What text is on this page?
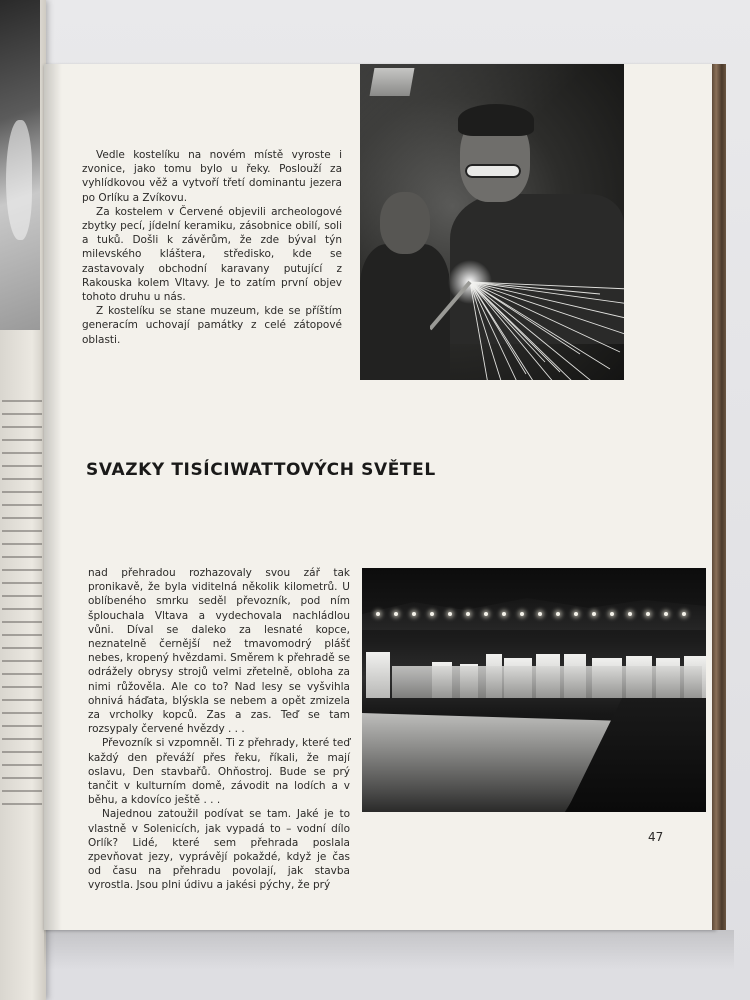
Vedle kostelíku na novém místě vyroste i zvonice, jako tomu bylo u řeky. Poslouží za vyhlídkovou věž a vytvoří třetí dominantu jezera po Orlíku a Zvíkovu.

Za kostelem v Červené objevili archeologové zbytky pecí, jídelní keramiku, zásobnice obilí, soli a tuků. Došli k závěrům, že zde býval týn milevského kláštera, středisko, kde se zastavovaly obchodní karavany putující z Rakouska kolem Vltavy. Je to zatím první objev tohoto druhu u nás.

Z kostelíku se stane muzeum, kde se příštím generacím uchovají památky z celé zátopové oblasti.

SVAZKY TISÍCIWATTOVÝCH SVĚTEL

nad přehradou rozhazovaly svou zář tak pronikavě, že byla viditelná několik kilometrů. U oblíbeného smrku seděl převozník, pod ním šplouchala Vltava a vydechovala nachládlou vůni. Díval se daleko za lesnaté kopce, neznatelně černější než tmavomodrý plášť nebes, kropený hvězdami. Směrem k přehradě se odrážely obrysy strojů velmi zřetelně, obloha za nimi růžověla. Ale co to? Nad lesy se vyšvihla ohnivá háďata, blýskla se nebem a opět zmizela za vrcholky kopců. Zas a zas. Teď se tam rozsypaly červené hvězdy . . .

Převozník si vzpomněl. Ti z přehrady, které teď každý den převáží přes řeku, říkali, že mají oslavu, Den stavbařů. Ohňostroj. Bude se prý tančit v kulturním domě, závodit na lodích a v běhu, a kdovíco ještě . . .

Najednou zatoužil podívat se tam. Jaké je to vlastně v Solenicích, jak vypadá to – vodní dílo Orlík? Lidé, které sem přehrada poslala zpevňovat jezy, vyprávějí pokaždé, když je čas od času na přehradu povolají, jak stavba vyrostla. Jsou plni údivu a jakési pýchy, že prý

47
